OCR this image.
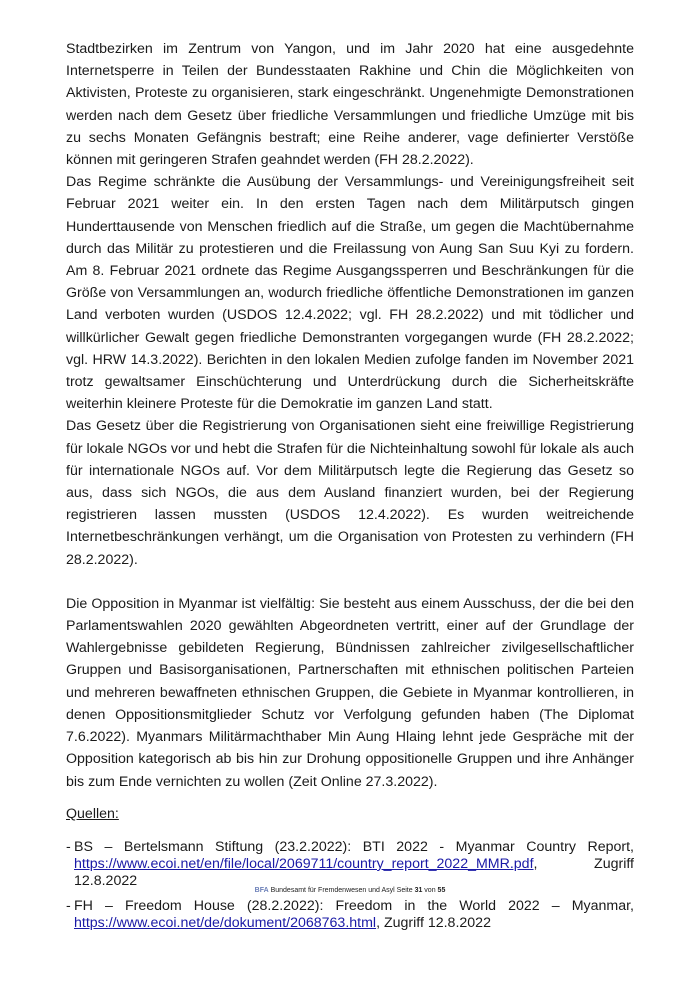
Stadtbezirken im Zentrum von Yangon, und im Jahr 2020 hat eine ausgedehnte Internetsperre in Teilen der Bundesstaaten Rakhine und Chin die Möglichkeiten von Aktivisten, Proteste zu organisieren, stark eingeschränkt. Ungenehmigte Demonstrationen werden nach dem Gesetz über friedliche Versammlungen und friedliche Umzüge mit bis zu sechs Monaten Gefängnis bestraft; eine Reihe anderer, vage definierter Verstöße können mit geringeren Strafen geahndet werden (FH 28.2.2022).

Das Regime schränkte die Ausübung der Versammlungs- und Vereinigungsfreiheit seit Februar 2021 weiter ein. In den ersten Tagen nach dem Militärputsch gingen Hunderttausende von Menschen friedlich auf die Straße, um gegen die Machtübernahme durch das Militär zu protestieren und die Freilassung von Aung San Suu Kyi zu fordern. Am 8. Februar 2021 ordnete das Regime Ausgangssperren und Beschränkungen für die Größe von Versammlungen an, wodurch friedliche öffentliche Demonstrationen im ganzen Land verboten wurden (USDOS 12.4.2022; vgl. FH 28.2.2022) und mit tödlicher und willkürlicher Gewalt gegen friedliche Demonstranten vorgegangen wurde (FH 28.2.2022; vgl. HRW 14.3.2022). Berichten in den lokalen Medien zufolge fanden im November 2021 trotz gewaltsamer Einschüchterung und Unterdrückung durch die Sicherheitskräfte weiterhin kleinere Proteste für die Demokratie im ganzen Land statt.

Das Gesetz über die Registrierung von Organisationen sieht eine freiwillige Registrierung für lokale NGOs vor und hebt die Strafen für die Nichteinhaltung sowohl für lokale als auch für internationale NGOs auf. Vor dem Militärputsch legte die Regierung das Gesetz so aus, dass sich NGOs, die aus dem Ausland finanziert wurden, bei der Regierung registrieren lassen mussten (USDOS 12.4.2022). Es wurden weitreichende Internetbeschränkungen verhängt, um die Organisation von Protesten zu verhindern (FH 28.2.2022).

Die Opposition in Myanmar ist vielfältig: Sie besteht aus einem Ausschuss, der die bei den Parlamentswahlen 2020 gewählten Abgeordneten vertritt, einer auf der Grundlage der Wahlergebnisse gebildeten Regierung, Bündnissen zahlreicher zivilgesellschaftlicher Gruppen und Basisorganisationen, Partnerschaften mit ethnischen politischen Parteien und mehreren bewaffneten ethnischen Gruppen, die Gebiete in Myanmar kontrollieren, in denen Oppositionsmitglieder Schutz vor Verfolgung gefunden haben (The Diplomat 7.6.2022). Myanmars Militärmachthaber Min Aung Hlaing lehnt jede Gespräche mit der Opposition kategorisch ab bis hin zur Drohung oppositionelle Gruppen und ihre Anhänger bis zum Ende vernichten zu wollen (Zeit Online 27.3.2022).

Quellen:

- BS – Bertelsmann Stiftung (23.2.2022): BTI 2022 - Myanmar Country Report, https://www.ecoi.net/en/file/local/2069711/country_report_2022_MMR.pdf, Zugriff 12.8.2022
- FH – Freedom House (28.2.2022): Freedom in the World 2022 – Myanmar, https://www.ecoi.net/de/dokument/2068763.html, Zugriff 12.8.2022
BFA Bundesamt für Fremdenwesen und Asyl Seite 31 von 55
